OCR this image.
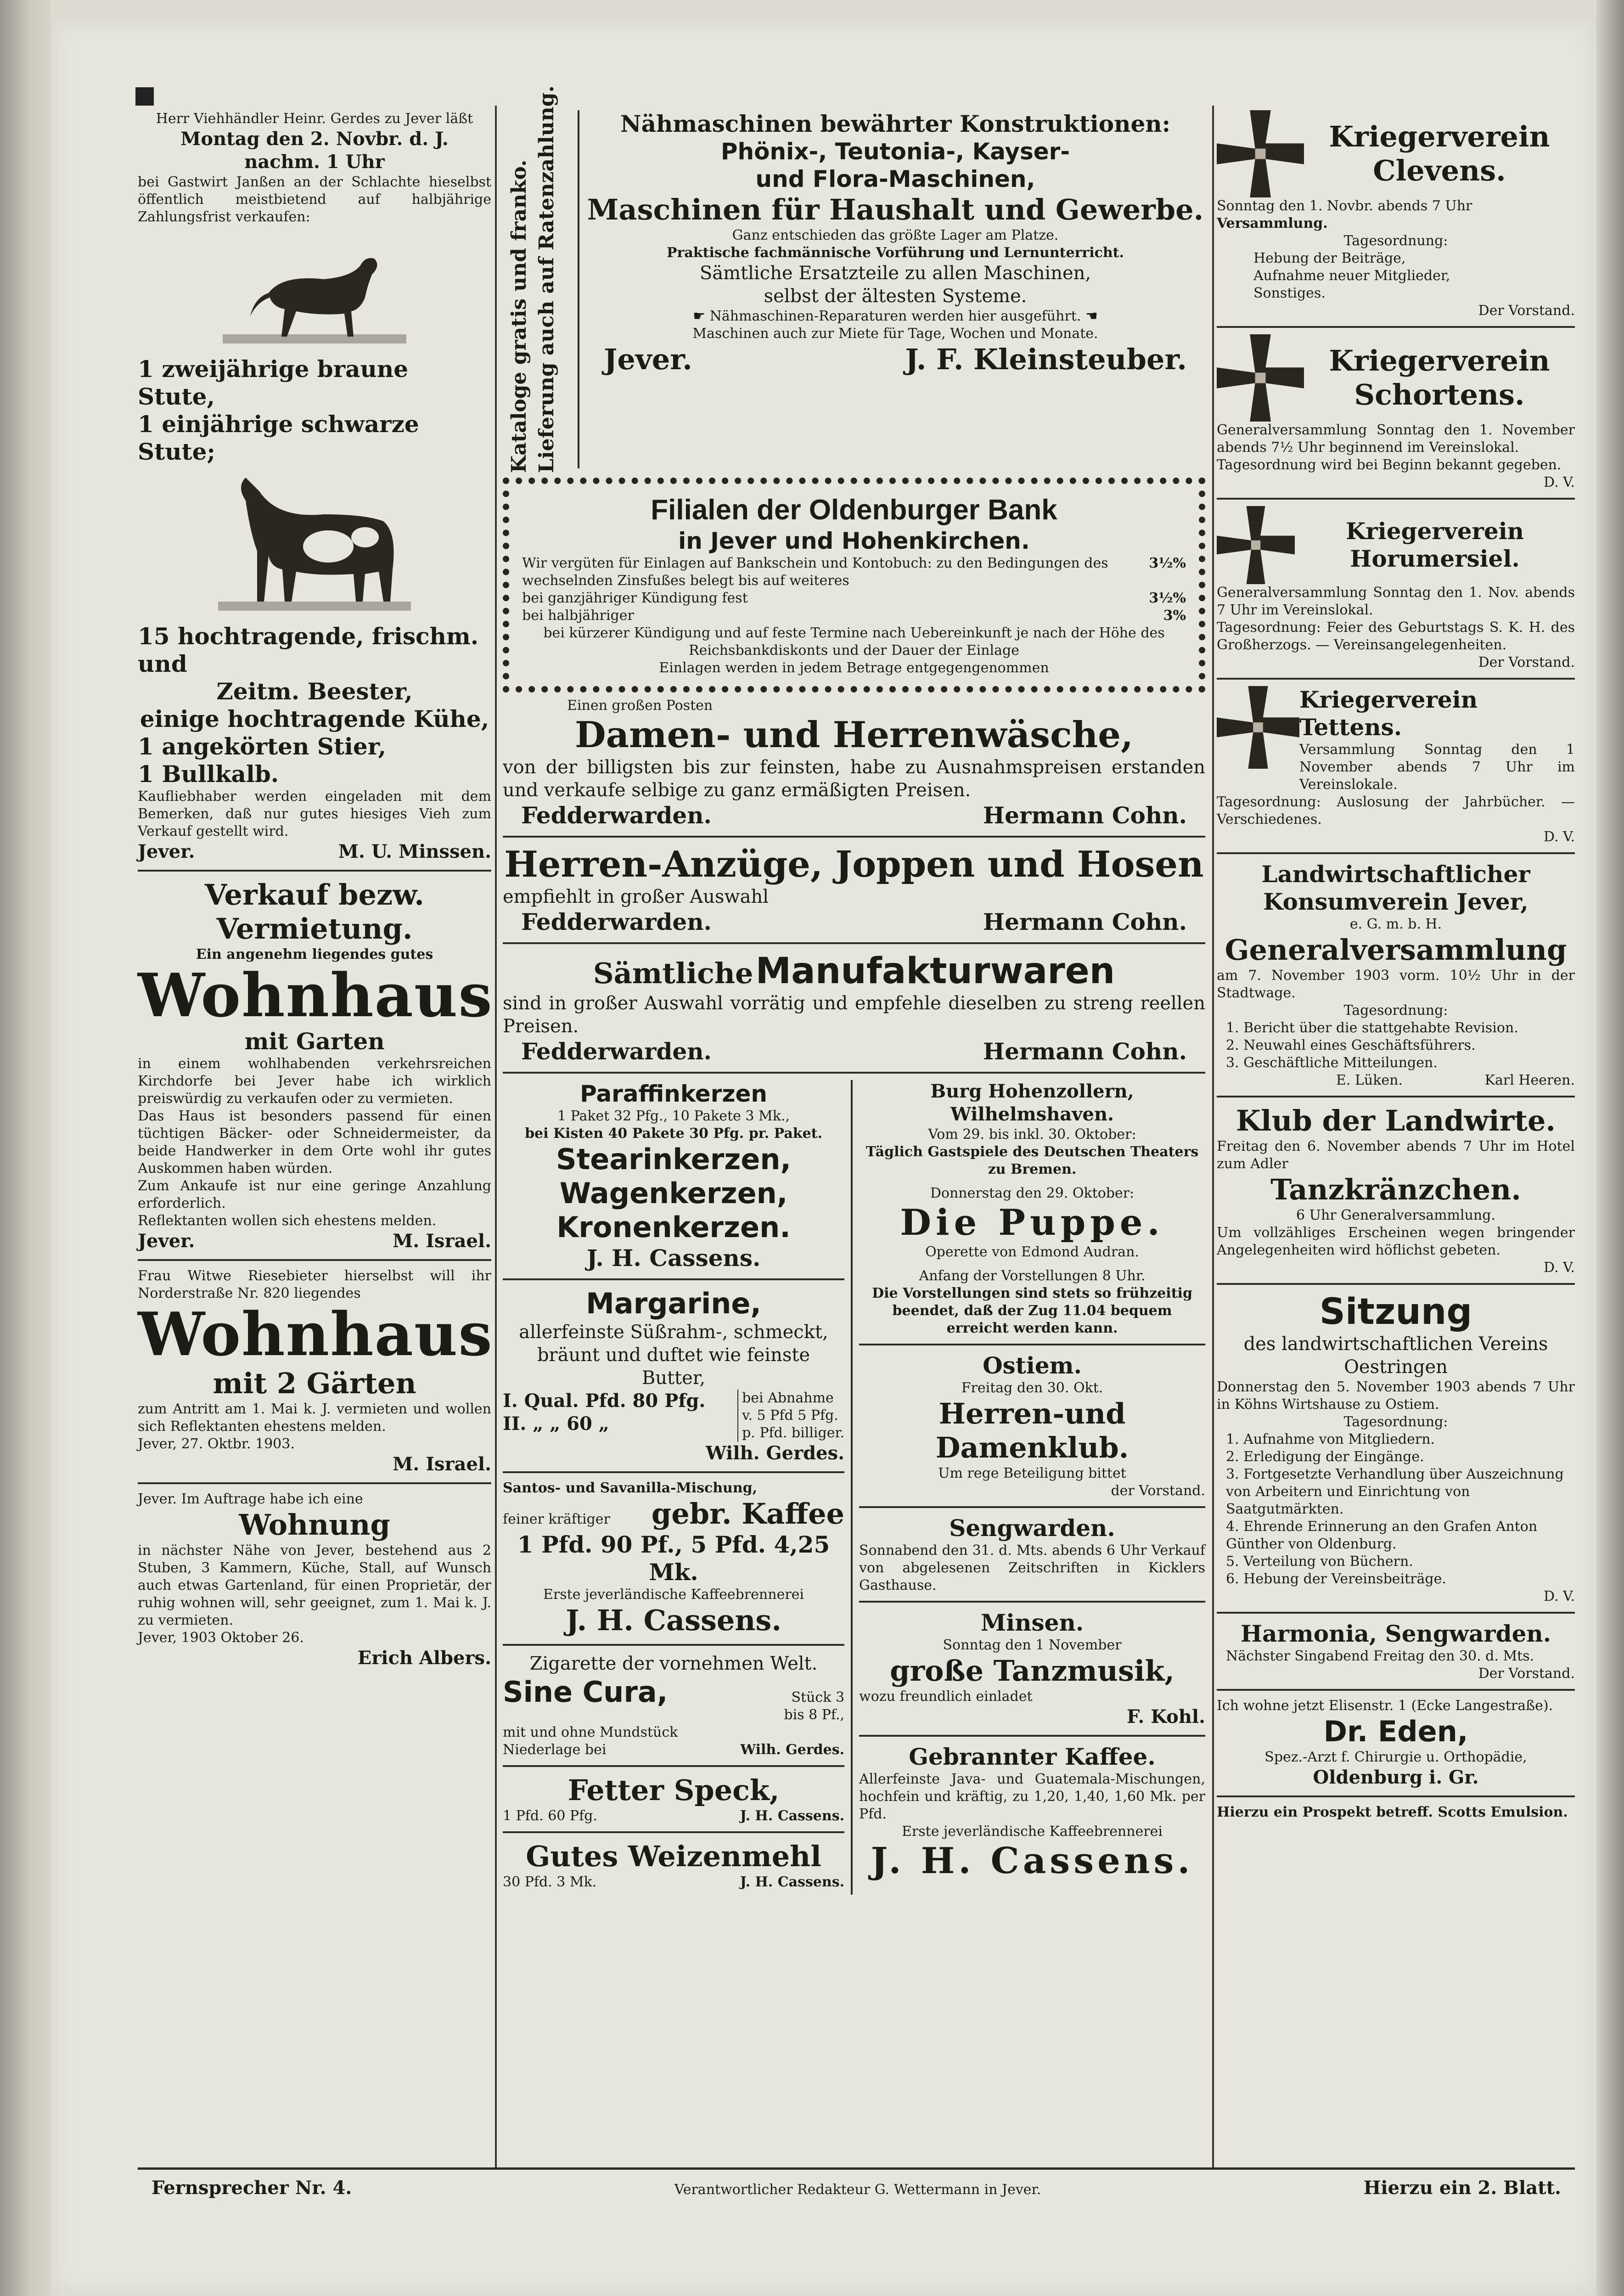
Herr Viehhändler Heinr. Gerdes zu Jever läßt
Montag den 2. Novbr. d. J.
nachm. 1 Uhr
bei Gastwirt Janßen an der Schlachte hieselbst öffentlich meistbietend auf halbjährige Zahlungsfrist verkaufen:
1 zweijährige braune Stute,
1 einjährige schwarze Stute;
15 hochtragende, frischm. und
Zeitm. Beester,
einige hochtragende Kühe,
1 angekörten Stier,
1 Bullkalb.
Kaufliebhaber werden eingeladen mit dem Bemerken, daß nur gutes hiesiges Vieh zum Verkauf gestellt wird.
Jever.	M. U. Minssen.
Verkauf bezw.
Vermietung.
Ein angenehm liegendes gutes
Wohnhaus
mit Garten
in einem wohlhabenden verkehrsreichen Kirchdorfe bei Jever habe ich wirklich preiswürdig zu verkaufen oder zu vermieten.
Das Haus ist besonders passend für einen tüchtigen Bäcker- oder Schneidermeister, da beide Handwerker in dem Orte wohl ihr gutes Auskommen haben würden.
Zum Ankaufe ist nur eine geringe Anzahlung erforderlich.
Reflektanten wollen sich ehestens melden.
Jever.	M. Israel.
Frau Witwe Riesebieter hierselbst will ihr Norderstraße Nr. 820 liegendes
Wohnhaus
mit 2 Gärten
zum Antritt am 1. Mai k. J. vermieten und wollen sich Reflektanten ehestens melden.
Jever, 27. Oktbr. 1903.
M. Israel.
Jever. Im Auftrage habe ich eine
Wohnung
in nächster Nähe von Jever, bestehend aus 2 Stuben, 3 Kammern, Küche, Stall, auf Wunsch auch etwas Gartenland, für einen Proprietär, der ruhig wohnen will, sehr geeignet, zum 1. Mai k. J. zu vermieten.
Jever, 1903 Oktober 26.
Erich Albers.
Kataloge gratis und franko. Lieferung auch auf Ratenzahlung.	Nähmaschinen bewährter Konstruktionen:
Phönix-, Teutonia-, Kayser-
und Flora-Maschinen,
Maschinen für Haushalt und Gewerbe.
Ganz entschieden das größte Lager am Platze.
Praktische fachmännische Vorführung und Lernunterricht.
Sämtliche Ersatzteile zu allen Maschinen,
selbst der ältesten Systeme.
☛ Nähmaschinen-Reparaturen werden hier ausgeführt. ☚
Maschinen auch zur Miete für Tage, Wochen und Monate.
Jever.	J. F. Kleinsteuber.
Filialen der Oldenburger Bank
in Jever und Hohenkirchen.
Wir vergüten für Einlagen auf Bankschein und Kontobuch: zu den Bedingungen des wechselnden Zinsfußes belegt bis auf weiteres
3½%
bei ganzjähriger Kündigung fest	3½%
bei halbjähriger	3%
bei kürzerer Kündigung und auf feste Termine nach Uebereinkunft je nach der Höhe des Reichsbankdiskonts und der Dauer der Einlage
Einlagen werden in jedem Betrage entgegengenommen
Einen großen Posten
Damen- und Herrenwäsche,
von der billigsten bis zur feinsten, habe zu Ausnahmspreisen erstanden und verkaufe selbige zu ganz ermäßigten Preisen.
Fedderwarden.	Hermann Cohn.
Herren-Anzüge, Joppen und Hosen
empfiehlt in großer Auswahl
Fedderwarden.	Hermann Cohn.
Sämtliche Manufakturwaren
sind in großer Auswahl vorrätig und empfehle dieselben zu streng reellen Preisen.
Fedderwarden.	Hermann Cohn.
Paraffinkerzen
1 Paket 32 Pfg., 10 Pakete 3 Mk.,
bei Kisten 40 Pakete 30 Pfg. pr. Paket.
Stearinkerzen,
Wagenkerzen,
Kronenkerzen.
J. H. Cassens.
Margarine,
allerfeinste Süßrahm-, schmeckt, bräunt und duftet wie feinste Butter,
I. Qual. Pfd. 80 Pfg.
II. „ „ 60 „
bei Abnahme
v. 5 Pfd 5 Pfg.
p. Pfd. billiger.
Wilh. Gerdes.
Santos- und Savanilla-Mischung,
feiner kräftiger gebr. Kaffee
1 Pfd. 90 Pf., 5 Pfd. 4,25 Mk.
Erste jeverländische Kaffeebrennerei
J. H. Cassens.
Zigarette der vornehmen Welt.
Sine Cura,	Stück 3
bis 8 Pf.,
mit und ohne Mundstück
Niederlage bei	Wilh. Gerdes.
Fetter Speck,
1 Pfd. 60 Pfg.	J. H. Cassens.
Gutes Weizenmehl
30 Pfd. 3 Mk.	J. H. Cassens.
Burg Hohenzollern, Wilhelmshaven.
Vom 29. bis inkl. 30. Oktober:
Täglich Gastspiele des Deutschen Theaters zu Bremen.
Donnerstag den 29. Oktober:
Die Puppe.
Operette von Edmond Audran.
Anfang der Vorstellungen 8 Uhr.
Die Vorstellungen sind stets so frühzeitig beendet, daß der Zug 11.04 bequem erreicht werden kann.
Ostiem.
Freitag den 30. Okt.
Herren-und Damenklub.
Um rege Beteiligung bittet
der Vorstand.
Sengwarden.
Sonnabend den 31. d. Mts. abends 6 Uhr Verkauf von abgelesenen Zeitschriften in Kicklers Gasthause.
Minsen.
Sonntag den 1 November
große Tanzmusik,
wozu freundlich einladet
F. Kohl.
Gebrannter Kaffee.
Allerfeinste Java- und Guatemala-Mischungen, hochfein und kräftig, zu 1,20, 1,40, 1,60 Mk. per Pfd.
Erste jeverländische Kaffeebrennerei
J. H. Cassens.
Kriegerverein
Clevens.
Sonntag den 1. Novbr. abends 7 Uhr
Versammlung.
Tagesordnung:
Hebung der Beiträge,
Aufnahme neuer Mitglieder,
Sonstiges.
Der Vorstand.
Kriegerverein
Schortens.
Generalversammlung Sonntag den 1. November abends 7½ Uhr beginnend im Vereinslokal.
Tagesordnung wird bei Beginn bekannt gegeben.
D. V.
Kriegerverein
Horumersiel.
Generalversammlung Sonntag den 1. Nov. abends 7 Uhr im Vereinslokal.
Tagesordnung: Feier des Geburtstags S. K. H. des Großherzogs. — Vereinsangelegenheiten.
Der Vorstand.
Kriegerverein Tettens.
Versammlung Sonntag den 1 November abends 7 Uhr im Vereinslokale.
Tagesordnung: Auslosung der Jahrbücher. — Verschiedenes.
D. V.
Landwirtschaftlicher
Konsumverein Jever,
e. G. m. b. H.
Generalversammlung
am 7. November 1903 vorm. 10½ Uhr in der Stadtwage.
Tagesordnung:
1. Bericht über die stattgehabte Revision.
2. Neuwahl eines Geschäftsführers.
3. Geschäftliche Mitteilungen.
E. Lüken.	Karl Heeren.
Klub der Landwirte.
Freitag den 6. November abends 7 Uhr im Hotel zum Adler
Tanzkränzchen.
6 Uhr Generalversammlung.
Um vollzähliges Erscheinen wegen bringender Angelegenheiten wird höflichst gebeten.
D. V.
Sitzung
des landwirtschaftlichen Vereins
Oestringen
Donnerstag den 5. November 1903 abends 7 Uhr in Köhns Wirtshause zu Ostiem.
Tagesordnung:
1. Aufnahme von Mitgliedern.
2. Erledigung der Eingänge.
3. Fortgesetzte Verhandlung über Auszeichnung von Arbeitern und Einrichtung von Saatgutmärkten.
4. Ehrende Erinnerung an den Grafen Anton Günther von Oldenburg.
5. Verteilung von Büchern.
6. Hebung der Vereinsbeiträge.
D. V.
Harmonia, Sengwarden.
Nächster Singabend Freitag den 30. d. Mts.
Der Vorstand.
Ich wohne jetzt Elisenstr. 1 (Ecke Langestraße).
Dr. Eden,
Spez.-Arzt f. Chirurgie u. Orthopädie,
Oldenburg i. Gr.
Hierzu ein Prospekt betreff. Scotts Emulsion.
Fernsprecher Nr. 4.	Verantwortlicher Redakteur G. Wettermann in Jever.	Hierzu ein 2. Blatt.
